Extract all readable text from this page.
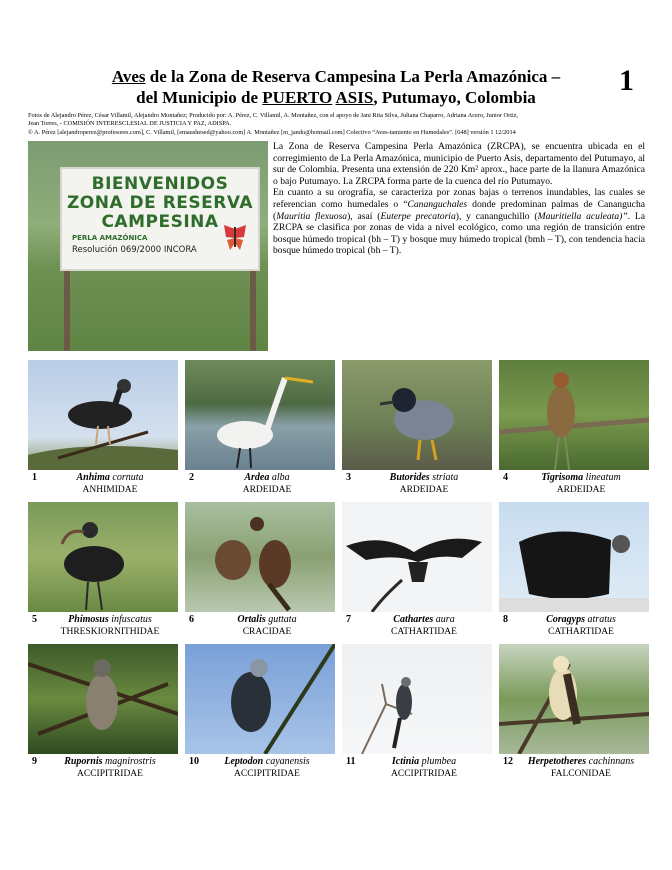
Aves de la Zona de Reserva Campesina La Perla Amazónica –
del Municipio de PUERTO ASIS, Putumayo, Colombia
1
Fotos de Alejandro Pérez, César Villamil, Alejandro Montañez; Producido por: A. Pérez, C. Villamil, A. Montañez, con el apoyo de Jani Rita Silva, Juliana Chaparro, Adriana Acero, Junior Ortiz,
Jean Torres, - COMISIÓN INTERESCLESIAL DE JUSTICIA Y PAZ, ADISPA.
© A. Pérez [alejandroperez@profesores.com], C. Villamil, [emaushesed@yahoo.com] A. Montañez [m_jando@hotmail.com] Colectivo “Aves-tamiento en Humedales”. [648] versión 1 12/2014
BIENVENIDOS
ZONA DE RESERVA
CAMPESINA
PERLA AMAZÓNICA
Resolución 069/2000 INCORA

La Zona de Reserva Campesina Perla Amazónica (ZRCPA), se encuentra ubicada en el corregimiento de La Perla Amazónica, municipio de Puerto Asis, departamento del Putumayo, al sur de Colombia. Presenta una extensión de 220 Km² aprox., hace parte de la llanura Amazónica o bajo Putumayo. La ZRCPA forma parte de la cuenca del río Putumayo.

En cuanto a su orografía, se caracteriza por zonas bajas o terrenos inundables, las cuales se referencian como humedales o “Cananguchales donde predominan palmas de Canangucha (Mauritia flexuosa), asaí (Euterpe precatoria), y cananguchillo (Mauritiella aculeata)”. La ZRCPA se clasifica por zonas de vida a nivel ecológico, como una región de transición entre bosque húmedo tropical (bh – T) y bosque muy húmedo tropical (bmh – T), con tendencia hacia bosque húmedo tropical (bh – T).

1	Anhima cornuta
ANHIMIDAE
2	Ardea alba
ARDEIDAE
3	Butorides striata
ARDEIDAE
4	Tigrisoma lineatum
ARDEIDAE
5	Phimosus infuscatus
THRESKIORNITHIDAE
6	Ortalis guttata
CRACIDAE
7	Cathartes aura
CATHARTIDAE
8	Coragyps atratus
CATHARTIDAE
9	Rupornis magnirostris
ACCIPITRIDAE
10	Leptodon cayanensis
ACCIPITRIDAE
11	Ictinia plumbea
ACCIPITRIDAE
12	Herpetotheres cachinnans
FALCONIDAE
